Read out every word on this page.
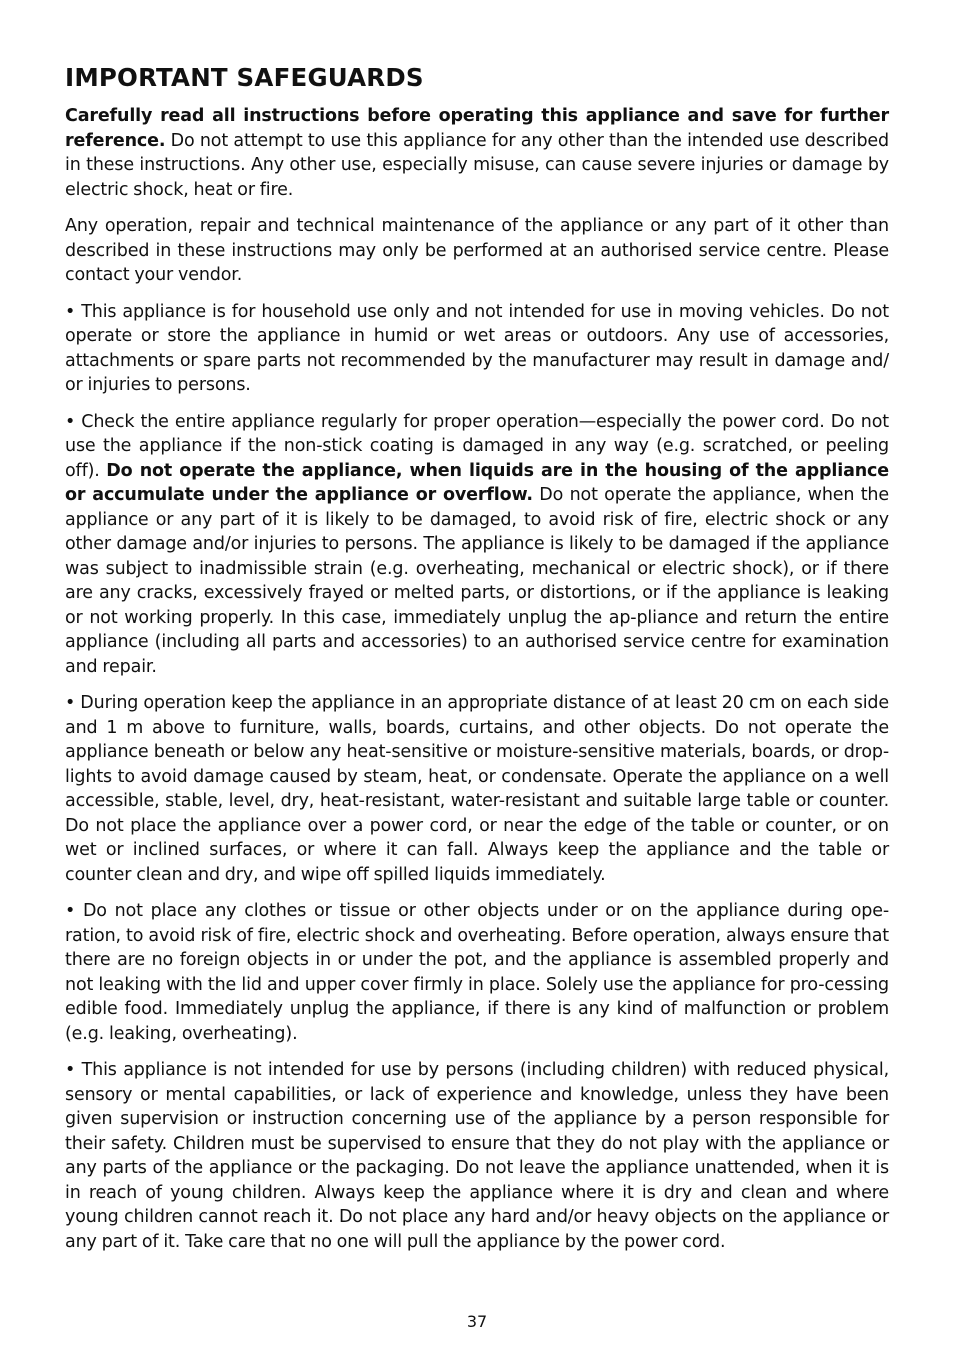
IMPORTANT SAFEGUARDS

Carefully read all instructions before operating this appliance and save for further reference. Do not attempt to use this appliance for any other than the intended use described in these instructions. Any other use, especially misuse, can cause severe injuries or damage by electric shock, heat or fire.

Any operation, repair and technical maintenance of the appliance or any part of it other than described in these instructions may only be performed at an authorised service centre. Please contact your vendor.

• This appliance is for household use only and not intended for use in moving vehicles. Do not operate or store the appliance in humid or wet areas or outdoors. Any use of accessories, attachments or spare parts not recommended by the manufacturer may result in damage and/ or injuries to persons.

• Check the entire appliance regularly for proper operation—especially the power cord. Do not use the appliance if the non-stick coating is damaged in any way (e.g. scratched, or peeling off). Do not operate the appliance, when liquids are in the housing of the appliance or accumulate under the appliance or overflow. Do not operate the appliance, when the appliance or any part of it is likely to be damaged, to avoid risk of fire, electric shock or any other damage and/or injuries to persons. The appliance is likely to be damaged if the appliance was subject to inadmissible strain (e.g. overheating, mechanical or electric shock), or if there are any cracks, excessively frayed or melted parts, or distortions, or if the appliance is leaking or not working properly. In this case, immediately unplug the ap-pliance and return the entire appliance (including all parts and accessories) to an authorised service centre for examination and repair.

• During operation keep the appliance in an appropriate distance of at least 20 cm on each side and 1 m above to furniture, walls, boards, curtains, and other objects. Do not operate the appliance beneath or below any heat-sensitive or moisture-sensitive materials, boards, or drop-lights to avoid damage caused by steam, heat, or condensate. Operate the appliance on a well accessible, stable, level, dry, heat-resistant, water-resistant and suitable large table or counter. Do not place the appliance over a power cord, or near the edge of the table or counter, or on wet or inclined surfaces, or where it can fall. Always keep the appliance and the table or counter clean and dry, and wipe off spilled liquids immediately.

• Do not place any clothes or tissue or other objects under or on the appliance during ope-ration, to avoid risk of fire, electric shock and overheating. Before operation, always ensure that there are no foreign objects in or under the pot, and the appliance is assembled properly and not leaking with the lid and upper cover firmly in place. Solely use the appliance for pro-cessing edible food. Immediately unplug the appliance, if there is any kind of malfunction or problem (e.g. leaking, overheating).

• This appliance is not intended for use by persons (including children) with reduced physical, sensory or mental capabilities, or lack of experience and knowledge, unless they have been given supervision or instruction concerning use of the appliance by a person responsible for their safety. Children must be supervised to ensure that they do not play with the appliance or any parts of the appliance or the packaging. Do not leave the appliance unattended, when it is in reach of young children. Always keep the appliance where it is dry and clean and where young children cannot reach it. Do not place any hard and/or heavy objects on the appliance or any part of it. Take care that no one will pull the appliance by the power cord.

37
